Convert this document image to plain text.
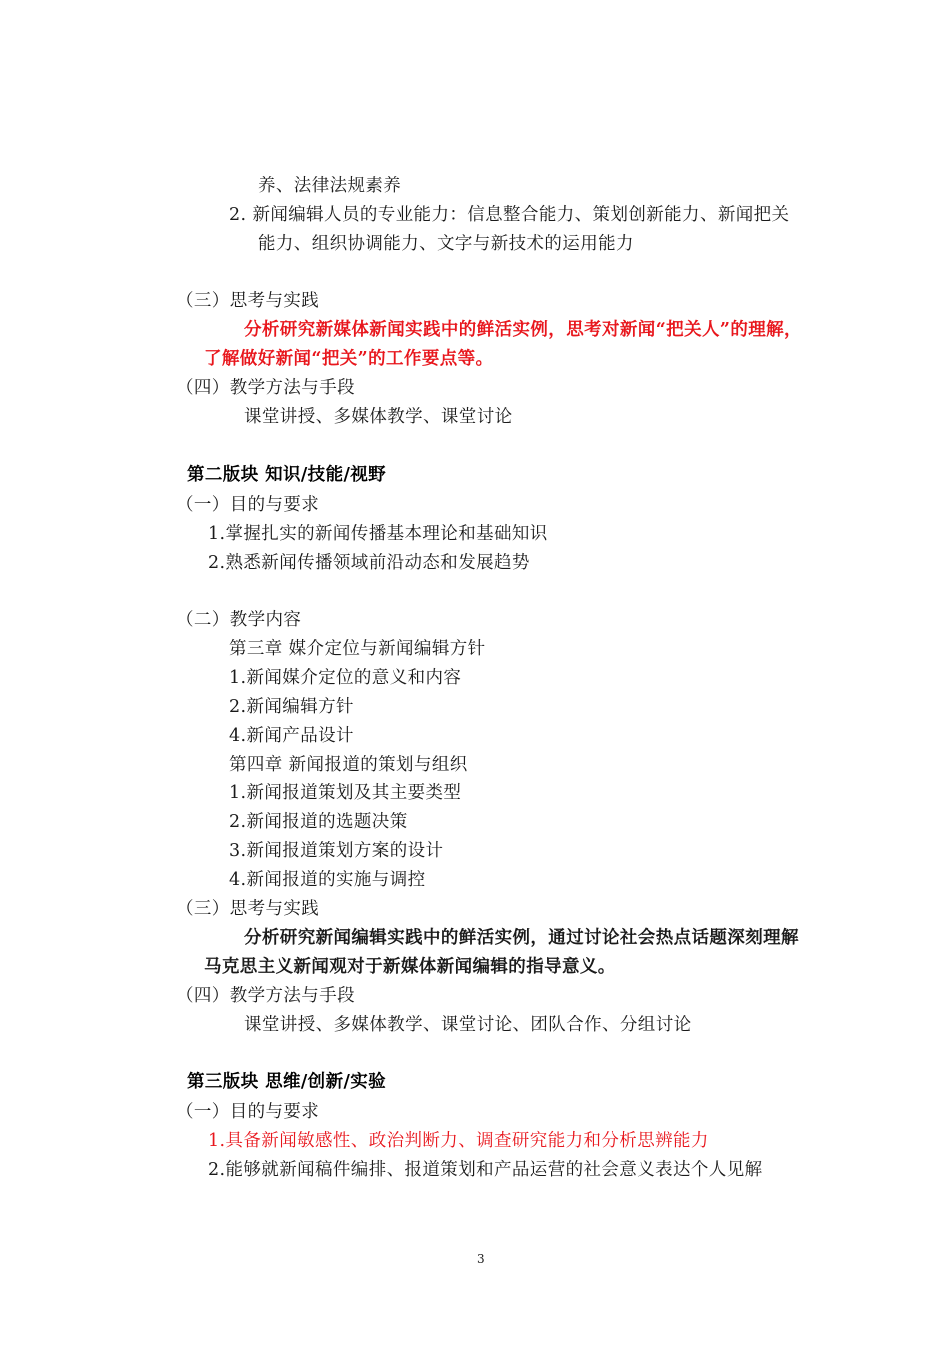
养、法律法规素养
2. 新闻编辑人员的专业能力：信息整合能力、策划创新能力、新闻把关
能力、组织协调能力、文字与新技术的运用能力
（三）思考与实践
分析研究新媒体新闻实践中的鲜活实例，思考对新闻“把关人”的理解，
了解做好新闻“把关”的工作要点等。
（四）教学方法与手段
课堂讲授、多媒体教学、课堂讨论
第二版块 知识/技能/视野
（一）目的与要求
1.掌握扎实的新闻传播基本理论和基础知识
2.熟悉新闻传播领域前沿动态和发展趋势
（二）教学内容
第三章 媒介定位与新闻编辑方针
1.新闻媒介定位的意义和内容
2.新闻编辑方针
4.新闻产品设计
第四章 新闻报道的策划与组织
1.新闻报道策划及其主要类型
2.新闻报道的选题决策
3.新闻报道策划方案的设计
4.新闻报道的实施与调控
（三）思考与实践
分析研究新闻编辑实践中的鲜活实例，通过讨论社会热点话题深刻理解
马克思主义新闻观对于新媒体新闻编辑的指导意义。
（四）教学方法与手段
课堂讲授、多媒体教学、课堂讨论、团队合作、分组讨论
第三版块 思维/创新/实验
（一）目的与要求
1.具备新闻敏感性、政治判断力、调查研究能力和分析思辨能力
2.能够就新闻稿件编排、报道策划和产品运营的社会意义表达个人见解
3
